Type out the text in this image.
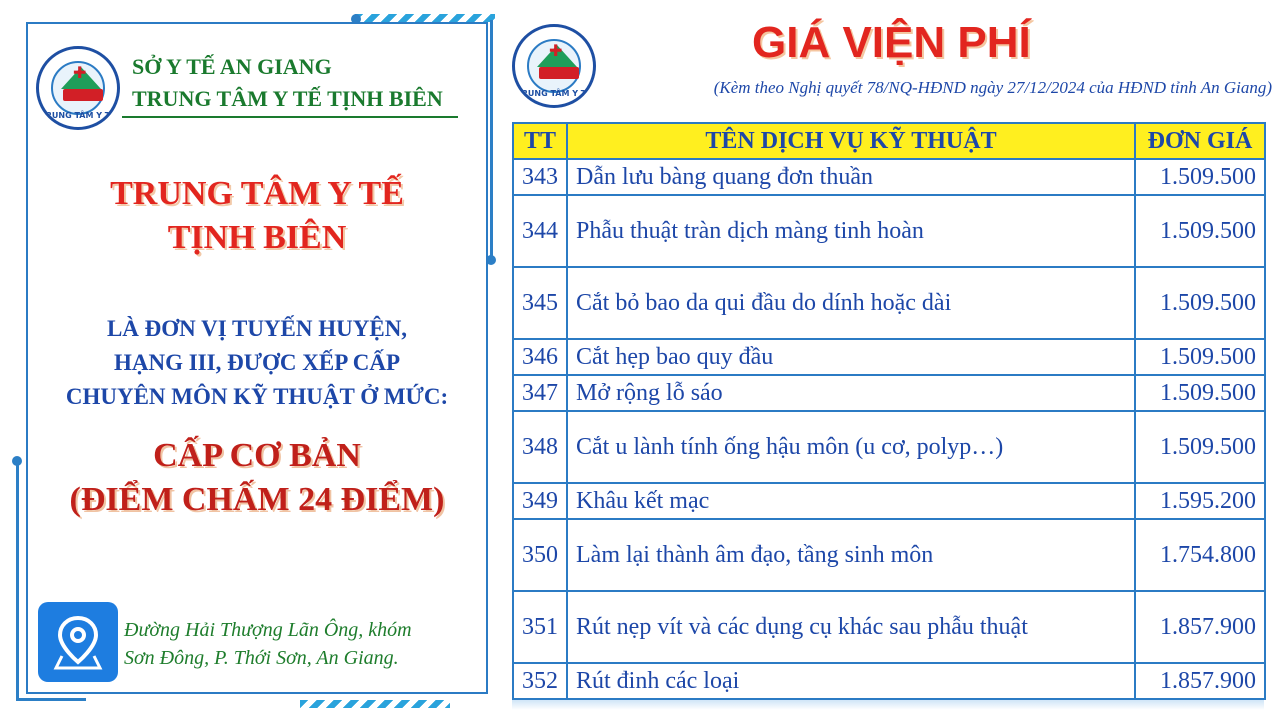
✚
TRUNG TÂM Y TẾ
SỞ Y TẾ AN GIANG
TRUNG TÂM Y TẾ TỊNH BIÊN
TRUNG TÂM Y TẾ
TỊNH BIÊN
LÀ ĐƠN VỊ TUYẾN HUYỆN,
HẠNG III, ĐƯỢC XẾP CẤP
CHUYÊN MÔN KỸ THUẬT Ở MỨC:
CẤP CƠ BẢN
(ĐIỂM CHẤM 24 ĐIỂM)
Đường Hải Thượng Lãn Ông, khóm
Sơn Đông, P. Thới Sơn, An Giang.
✚
TRUNG TÂM Y TẾ
GIÁ VIỆN PHÍ
(Kèm theo Nghị quyết 78/NQ-HĐND ngày 27/12/2024 của HĐND tỉnh An Giang)
TT	TÊN DỊCH VỤ KỸ THUẬT	ĐƠN GIÁ
343	Dẫn lưu bàng quang đơn thuần	1.509.500
344	Phẫu thuật tràn dịch màng tinh hoàn	1.509.500
345	Cắt bỏ bao da qui đầu do dính hoặc dài	1.509.500
346	Cắt hẹp bao quy đầu	1.509.500
347	Mở rộng lỗ sáo	1.509.500
348	Cắt u lành tính ống hậu môn (u cơ, polyp…)	1.509.500
349	Khâu kết mạc	1.595.200
350	Làm lại thành âm đạo, tầng sinh môn	1.754.800
351	Rút nẹp vít và các dụng cụ khác sau phẫu thuật	1.857.900
352	Rút đinh các loại	1.857.900
